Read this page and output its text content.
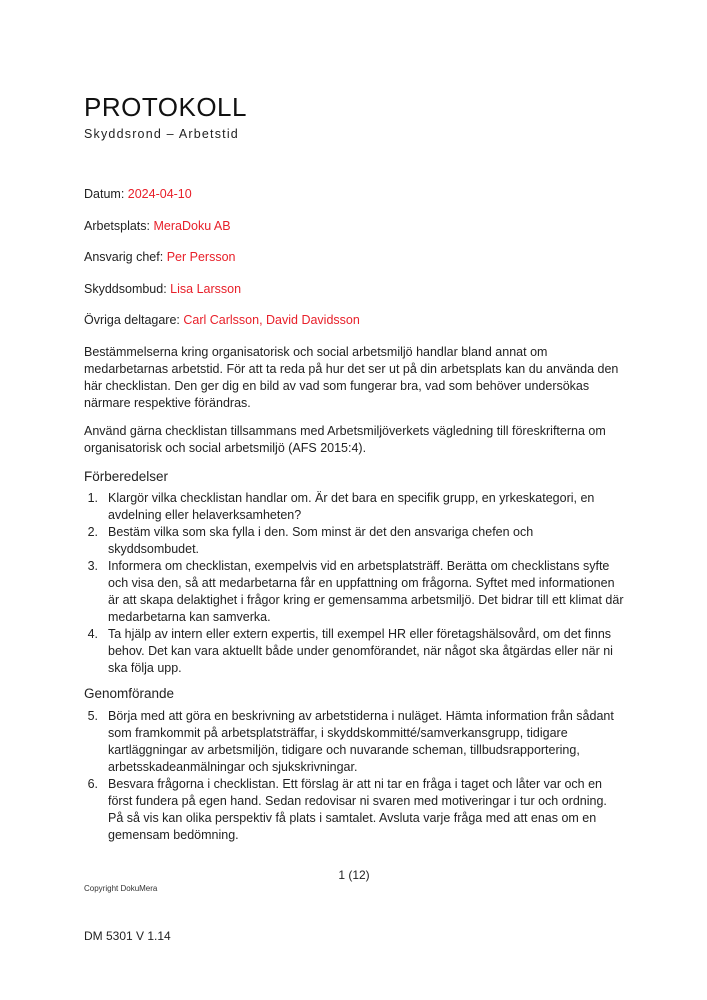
PROTOKOLL
Skyddsrond – Arbetstid
Datum: 2024-04-10
Arbetsplats: MeraDoku AB
Ansvarig chef: Per Persson
Skyddsombud: Lisa Larsson
Övriga deltagare: Carl Carlsson, David Davidsson

Bestämmelserna kring organisatorisk och social arbetsmiljö handlar bland annat om medarbetarnas arbetstid. För att ta reda på hur det ser ut på din arbetsplats kan du använda den här checklistan. Den ger dig en bild av vad som fungerar bra, vad som behöver undersökas närmare respektive förändras.

Använd gärna checklistan tillsammans med Arbetsmiljöverkets vägledning till föreskrifterna om organisatorisk och social arbetsmiljö (AFS 2015:4).

Förberedelser
1. Klargör vilka checklistan handlar om. Är det bara en specifik grupp, en yrkeskategori, en avdelning eller helaverksamheten?
2. Bestäm vilka som ska fylla i den. Som minst är det den ansvariga chefen och skyddsombudet.
3. Informera om checklistan, exempelvis vid en arbetsplatsträff. Berätta om checklistans syfte och visa den, så att medarbetarna får en uppfattning om frågorna. Syftet med informationen är att skapa delaktighet i frågor kring er gemensamma arbetsmiljö. Det bidrar till ett klimat där medarbetarna kan samverka.
4. Ta hjälp av intern eller extern expertis, till exempel HR eller företagshälsovård, om det finns behov. Det kan vara aktuellt både under genomförandet, när något ska åtgärdas eller när ni ska följa upp.
Genomförande
5. Börja med att göra en beskrivning av arbetstiderna i nuläget. Hämta information från sådant som framkommit på arbetsplatsträffar, i skyddskommitté/samverkansgrupp, tidigare kartläggningar av arbetsmiljön, tidigare och nuvarande scheman, tillbudsrapportering, arbetsskadeanmälningar och sjukskrivningar.
6. Besvara frågorna i checklistan. Ett förslag är att ni tar en fråga i taget och låter var och en först fundera på egen hand. Sedan redovisar ni svaren med motiveringar i tur och ordning. På så vis kan olika perspektiv få plats i samtalet. Avsluta varje fråga med att enas om en gemensam bedömning.
1 (12)
Copyright DokuMera
DM 5301 V 1.14
